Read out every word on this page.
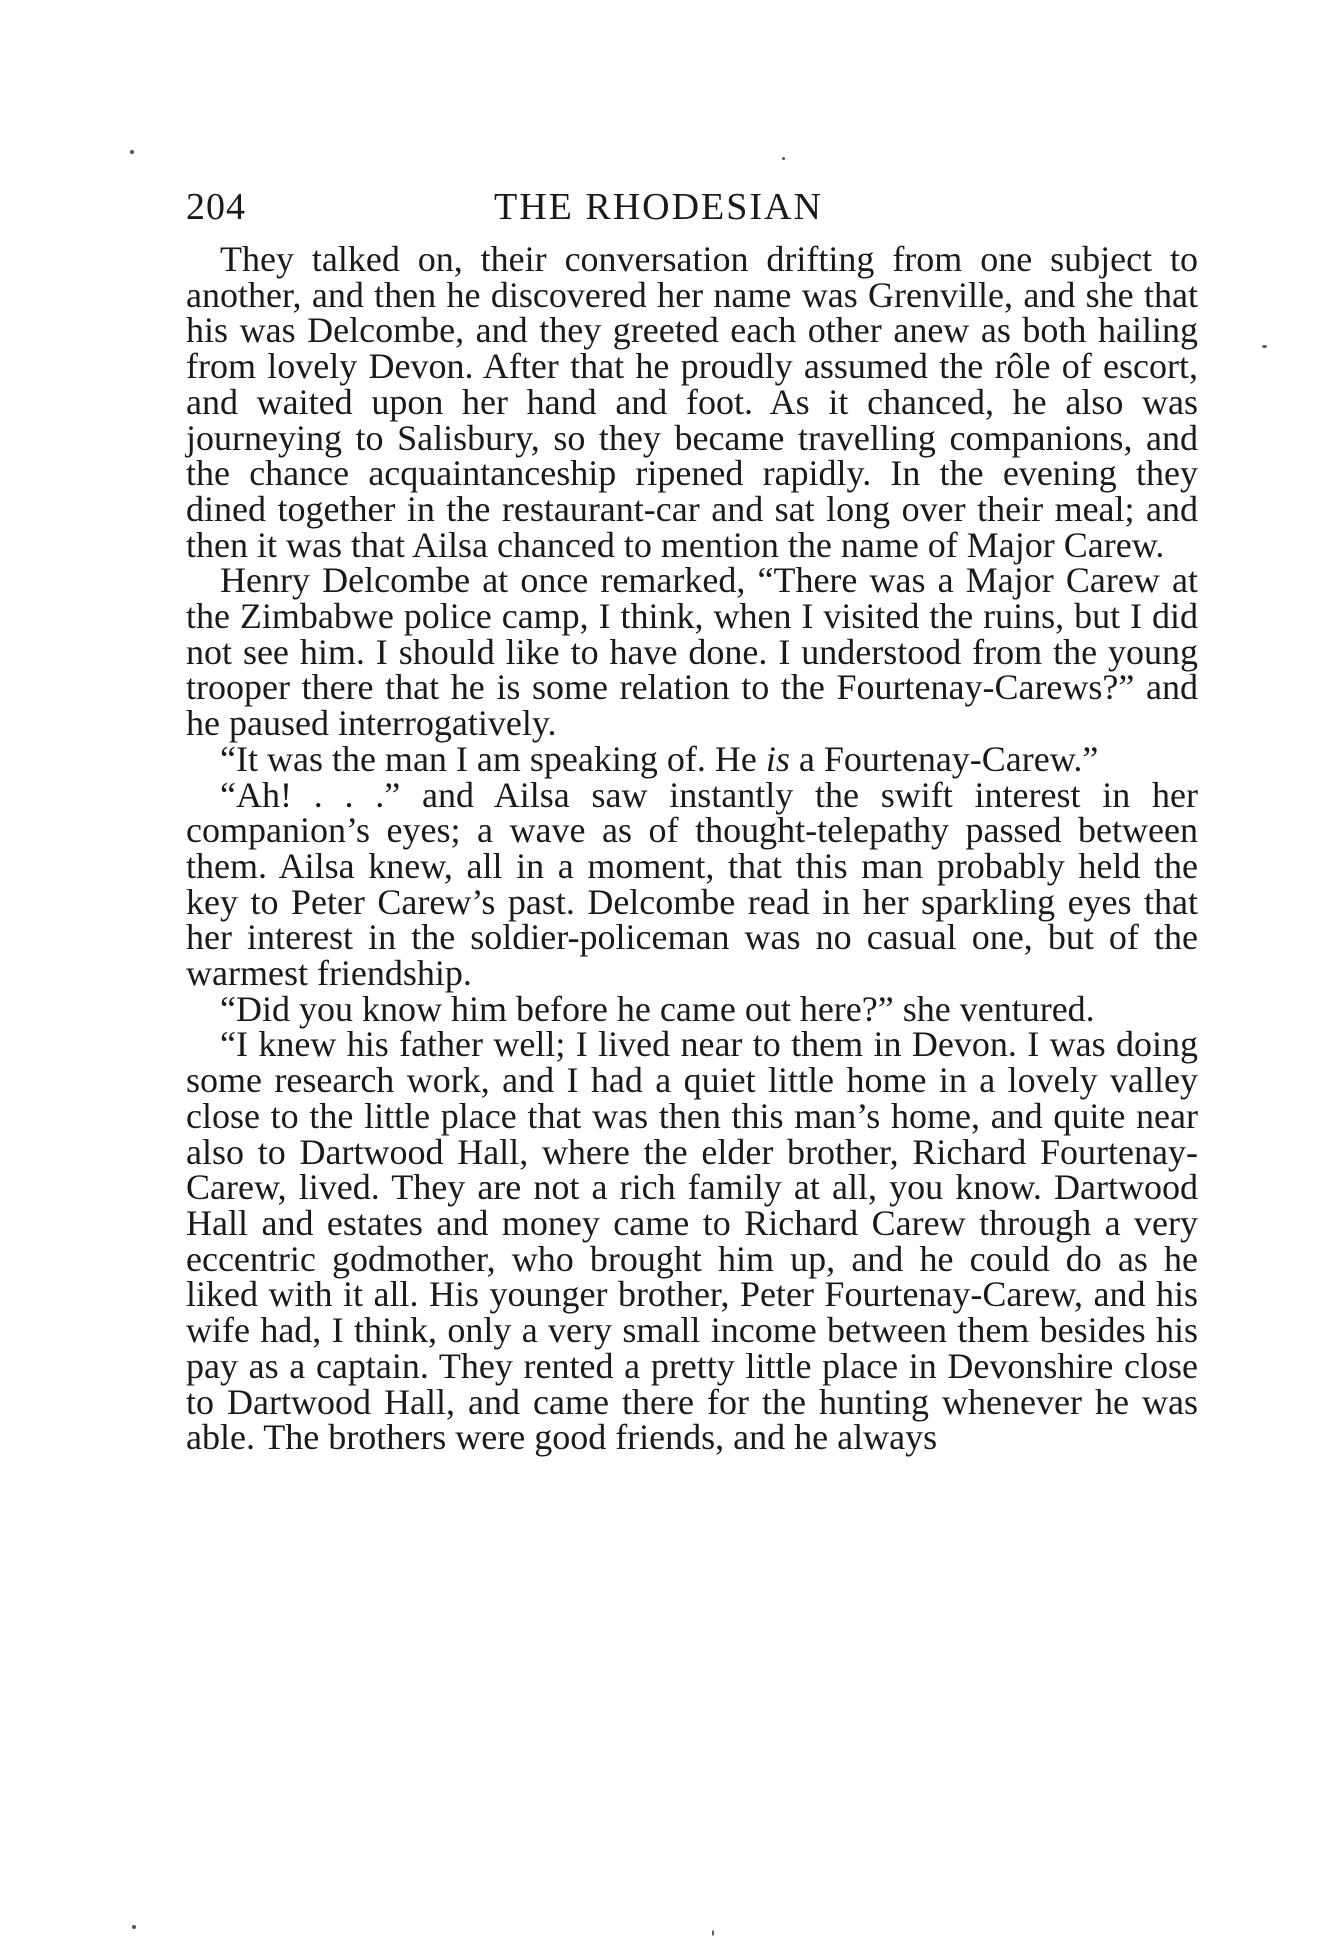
204	THE RHODESIAN

They talked on, their conversation drifting from one subject to another, and then he discovered her name was Grenville, and she that his was Delcombe, and they greeted each other anew as both hailing from lovely Devon. After that he proudly assumed the rôle of escort, and waited upon her hand and foot. As it chanced, he also was journeying to Salisbury, so they became travelling companions, and the chance acquaintanceship ripened rapidly. In the evening they dined together in the restaurant-car and sat long over their meal; and then it was that Ailsa chanced to mention the name of Major Carew.

Henry Delcombe at once remarked, “There was a Major Carew at the Zimbabwe police camp, I think, when I visited the ruins, but I did not see him. I should like to have done. I understood from the young trooper there that he is some relation to the Fourtenay-Carews?” and he paused interrogatively.

“It was the man I am speaking of. He is a Fourtenay-Carew.”

“Ah! . . .” and Ailsa saw instantly the swift interest in her companion’s eyes; a wave as of thought-telepathy passed between them. Ailsa knew, all in a moment, that this man probably held the key to Peter Carew’s past. Delcombe read in her sparkling eyes that her interest in the soldier-policeman was no casual one, but of the warmest friendship.

“Did you know him before he came out here?” she ventured.

“I knew his father well; I lived near to them in Devon. I was doing some research work, and I had a quiet little home in a lovely valley close to the little place that was then this man’s home, and quite near also to Dartwood Hall, where the elder brother, Richard Fourtenay-Carew, lived. They are not a rich family at all, you know. Dartwood Hall and estates and money came to Richard Carew through a very eccentric godmother, who brought him up, and he could do as he liked with it all. His younger brother, Peter Fourtenay-Carew, and his wife had, I think, only a very small income between them besides his pay as a captain. They rented a pretty little place in Devonshire close to Dartwood Hall, and came there for the hunting whenever he was able. The brothers were good friends, and he always
